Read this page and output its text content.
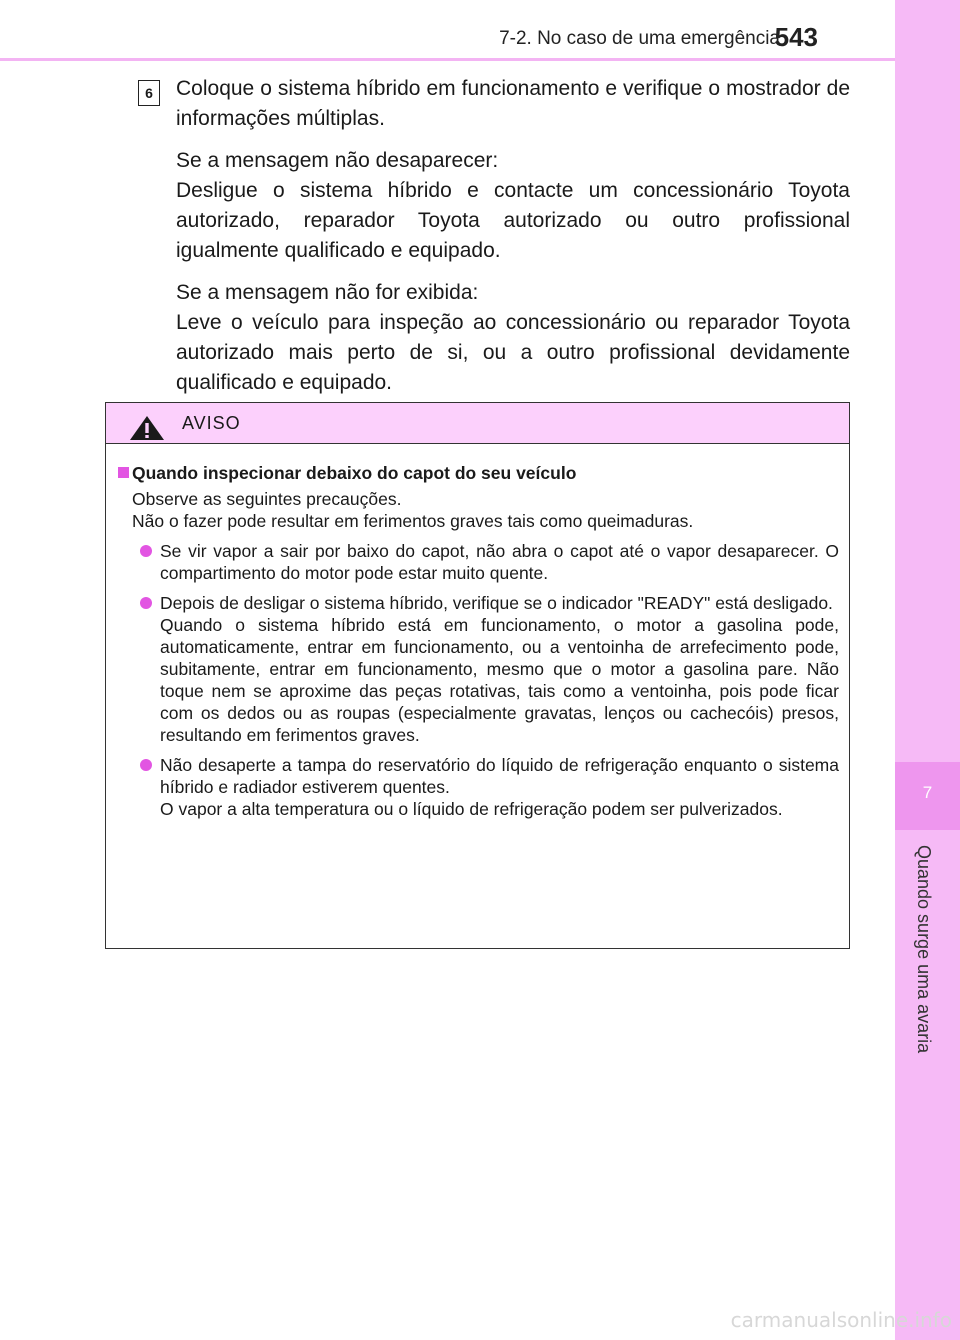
7-2. No caso de uma emergência
543
7
Quando surge uma avaria
6	Coloque o sistema híbrido em funcionamento e verifique o mostrador de informações múltiplas.

Se a mensagem não desaparecer:
Desligue o sistema híbrido e contacte um concessionário Toyota autorizado, reparador Toyota autorizado ou outro profissional igualmente qualificado e equipado.

Se a mensagem não for exibida:
Leve o veículo para inspeção ao concessionário ou reparador Toyota autorizado mais perto de si, ou a outro profissional devidamente qualificado e equipado.

AVISO
Quando inspecionar debaixo do capot do seu veículo
Observe as seguintes precauções.
Não o fazer pode resultar em ferimentos graves tais como queimaduras.

Se vir vapor a sair por baixo do capot, não abra o capot até o vapor desaparecer. O compartimento do motor pode estar muito quente.

Depois de desligar o sistema híbrido, verifique se o indicador "READY" está desligado.
Quando o sistema híbrido está em funcionamento, o motor a gasolina pode, automaticamente, entrar em funcionamento, ou a ventoinha de arrefecimento pode, subitamente, entrar em funcionamento, mesmo que o motor a gasolina pare. Não toque nem se aproxime das peças rotativas, tais como a ventoinha, pois pode ficar com os dedos ou as roupas (especialmente gravatas, lenços ou cachecóis) presos, resultando em ferimentos graves.

Não desaperte a tampa do reservatório do líquido de refrigeração enquanto o sistema híbrido e radiador estiverem quentes.
O vapor a alta temperatura ou o líquido de refrigeração podem ser pulverizados.

carmanualsonline.info
